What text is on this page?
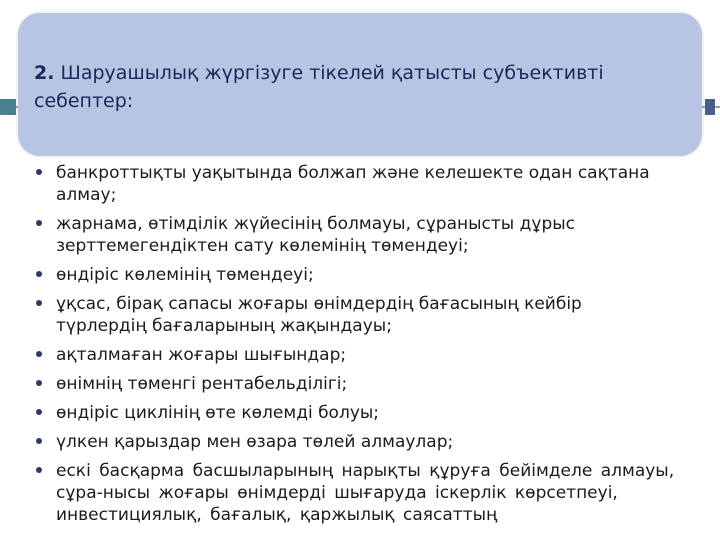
2. Шаруашылық жүргізуге тікелей қатысты субъективті себептер:
банкроттықты уақытында болжап және келешекте одан сақтана алмау;
жарнама, өтімділік жүйесінің болмауы, сұранысты дұрыс зерттемегендіктен сату көлемінің төмендеуі;
өндіріс көлемінің төмендеуі;
ұқсас, бірақ сапасы жоғары өнімдердің бағасының кейбір түрлердің бағаларының жақындауы;
ақталмаған жоғары шығындар;
өнімнің төменгі рентабельділігі;
өндіріс циклінің өте көлемді болуы;
үлкен қарыздар мен өзара төлей алмаулар;
ескі басқарма басшыларының нарықты құруға бейімделе алмауы, сұра-нысы жоғары өнімдерді шығаруда іскерлік көрсетпеуі, инвестициялық, бағалық, қаржылық саясаттың
